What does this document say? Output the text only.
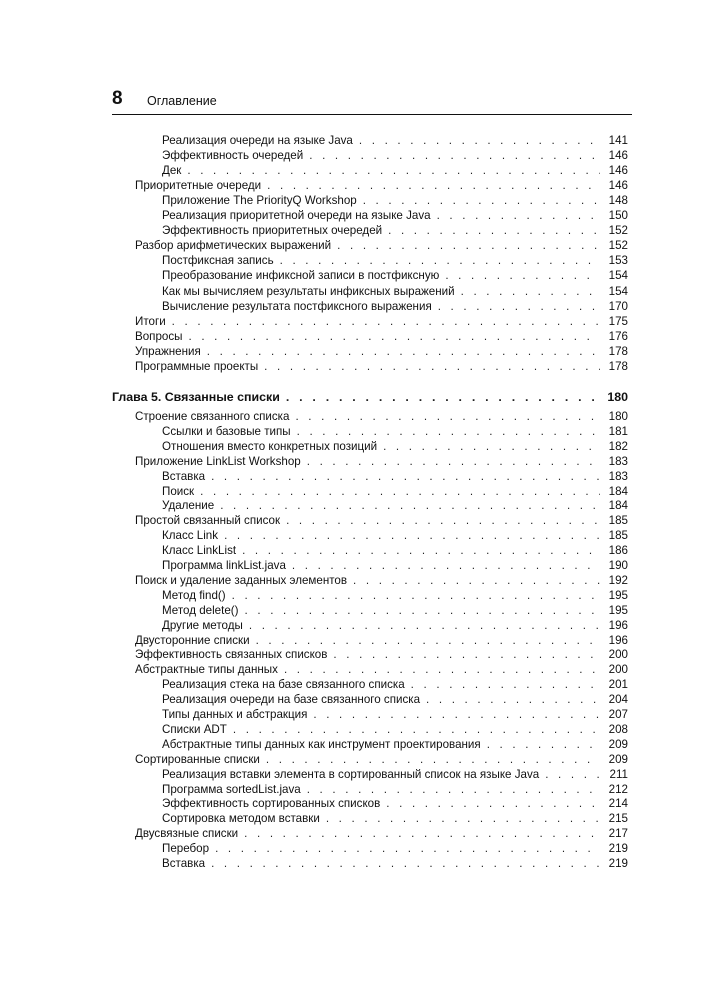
8 Оглавление
Реализация очереди на языке Java . . .	141
Эффективность очередей . . .	146
Дек . . .	146
Приоритетные очереди . . .	146
Приложение The PriorityQ Workshop . . .	148
Реализация приоритетной очереди на языке Java . . .	150
Эффективность приоритетных очередей . . .	152
Разбор арифметических выражений . . .	152
Постфиксная запись . . .	153
Преобразование инфиксной записи в постфиксную . . .	154
Как мы вычисляем результаты инфиксных выражений . . .	154
Вычисление результата постфиксного выражения . . .	170
Итоги . . .	175
Вопросы . . .	176
Упражнения . . .	178
Программные проекты . . .	178
Глава 5. Связанные списки . . .	180
Строение связанного списка . . .	180
Ссылки и базовые типы . . .	181
Отношения вместо конкретных позиций . . .	182
Приложение LinkList Workshop . . .	183
Вставка . . .	183
Поиск . . .	184
Удаление . . .	184
Простой связанный список . . .	185
Класс Link . . .	185
Класс LinkList . . .	186
Программа linkList.java . . .	190
Поиск и удаление заданных элементов . . .	192
Метод find() . . .	195
Метод delete() . . .	195
Другие методы . . .	196
Двусторонние списки . . .	196
Эффективность связанных списков . . .	200
Абстрактные типы данных . . .	200
Реализация стека на базе связанного списка . . .	201
Реализация очереди на базе связанного списка . . .	204
Типы данных и абстракция . . .	207
Списки ADT . . .	208
Абстрактные типы данных как инструмент проектирования . . .	209
Сортированные списки . . .	209
Реализация вставки элемента в сортированный список на языке Java . . .	211
Программа sortedList.java . . .	212
Эффективность сортированных списков . . .	214
Сортировка методом вставки . . .	215
Двусвязные списки . . .	217
Перебор . . .	219
Вставка . . .	219
